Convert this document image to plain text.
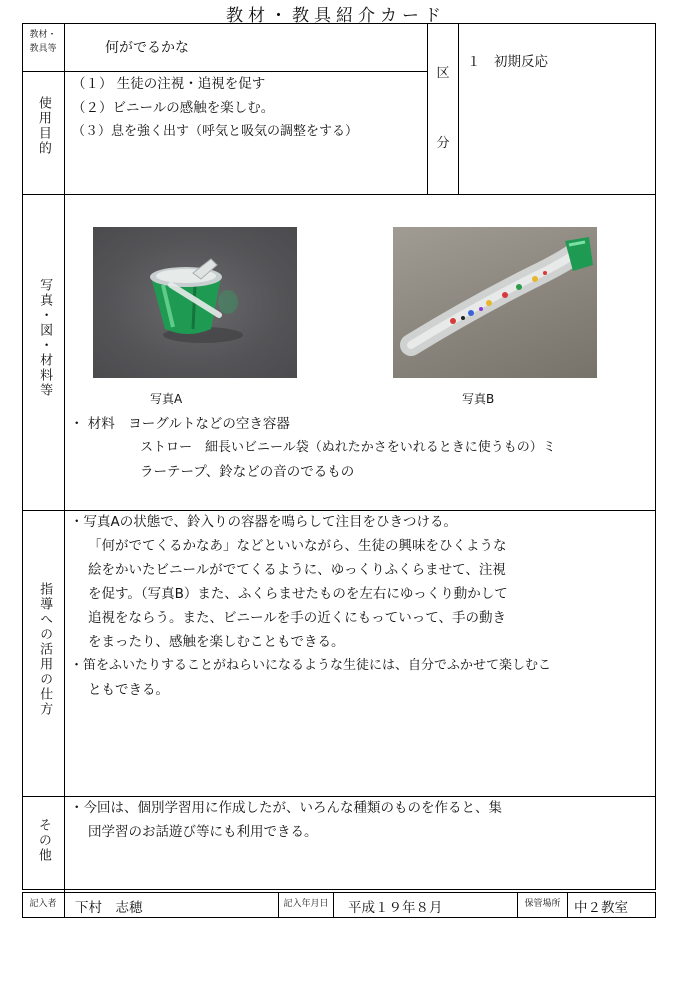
教材・教具紹介カード
教材・教具等	何がでるかな
使用目的
（１） 生徒の注視・追視を促す
（２）ビニールの感触を楽しむ。
（３）息を強く出す（呼気と吸気の調整をする）
区
分
１　初期反応
写真・図・材料等
写真A	写真B
・ 材料　ヨーグルトなどの空き容器
ストロー　細長いビニール袋（ぬれたかさをいれるときに使うもの）ミ
ラーテープ、鈴などの音のでるもの
指導への活用の仕方
・写真Aの状態で、鈴入りの容器を鳴らして注目をひきつける。
「何がでてくるかなあ」などといいながら、生徒の興味をひくような
絵をかいたビニールがでてくるように、ゆっくりふくらませて、注視
を促す。（写真B）また、ふくらませたものを左右にゆっくり動かして
追視をならう。また、ビニールを手の近くにもっていって、手の動き
をまったり、感触を楽しむこともできる。
・笛をふいたりすることがねらいになるような生徒には、自分でふかせて楽しむこ
ともできる。
その他
・今回は、個別学習用に作成したが、いろんな種類のものを作ると、集
団学習のお話遊び等にも利用できる。
記入者	下村　志穂	記入年月日	平成１９年８月	保管場所	中２教室
